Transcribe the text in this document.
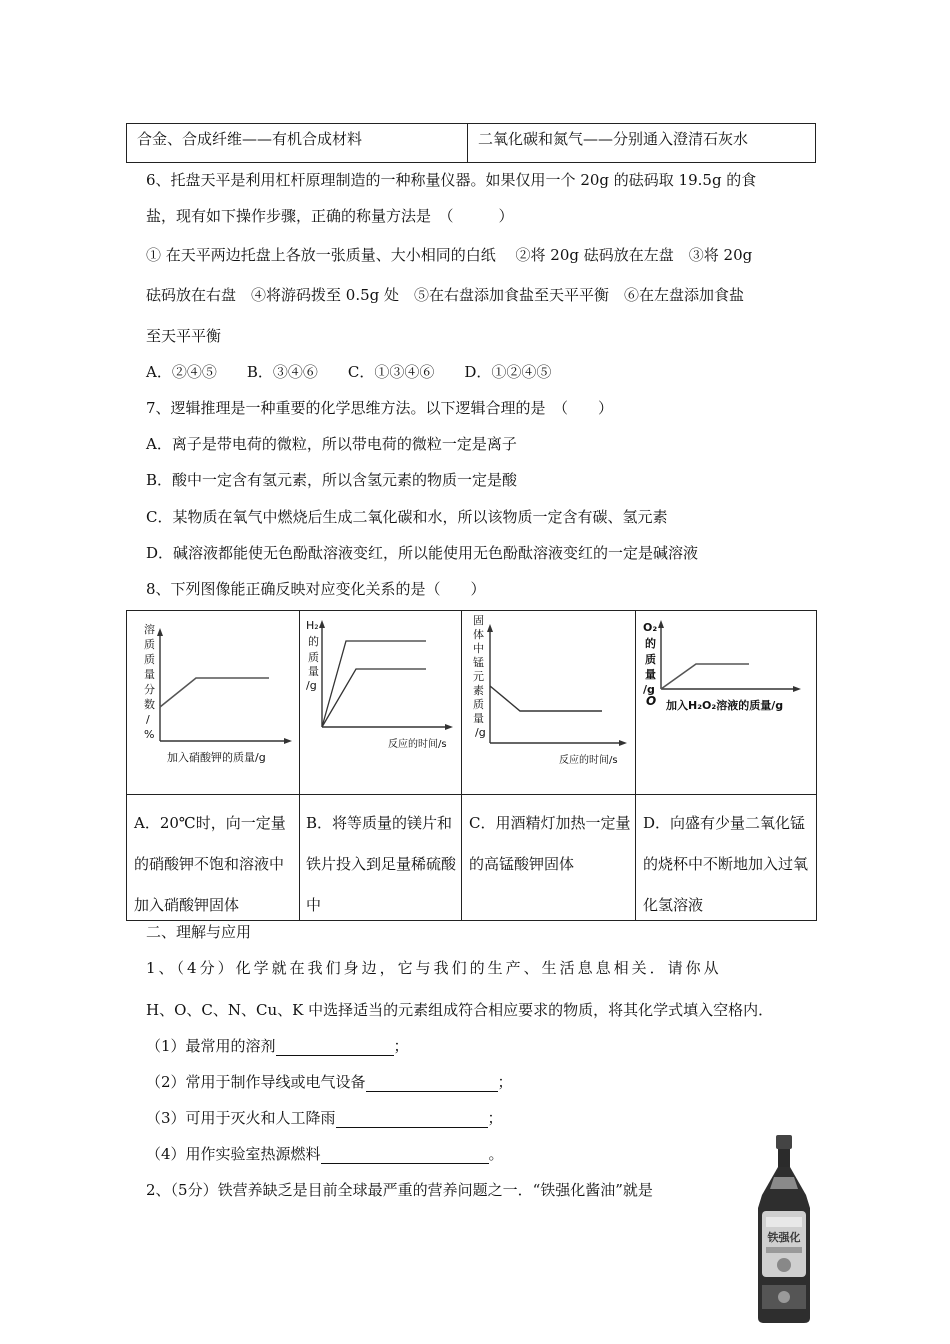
合金、合成纤维——有机合成材料	二氧化碳和氮气——分别通入澄清石灰水
6、托盘天平是利用杠杆原理制造的一种称量仪器。如果仅用一个 20g 的砝码取 19.5g 的食
盐，现有如下操作步骤，正确的称量方法是　（　　　）
① 在天平两边托盘上各放一张质量、大小相同的白纸　 ②将 20g 砝码放在左盘　③将 20g
砝码放在右盘　④将游码拨至 0.5g 处　⑤在右盘添加食盐至天平平衡　⑥在左盘添加食盐
至天平平衡
A．②④⑤　　B．③④⑥　　C．①③④⑥　　D．①②④⑤
7、逻辑推理是一种重要的化学思维方法。以下逻辑合理的是　（　　）
A．离子是带电荷的微粒，所以带电荷的微粒一定是离子
B．酸中一定含有氢元素，所以含氢元素的物质一定是酸
C．某物质在氧气中燃烧后生成二氧化碳和水，所以该物质一定含有碳、氢元素
D．碱溶液都能使无色酚酞溶液变红，所以能使用无色酚酞溶液变红的一定是碱溶液
8、下列图像能正确反映对应变化关系的是（　　）
溶
质
质
量
分
数
/
%
加入硝酸钾的质量/g
H₂
的
质
量
/g
反应的时间/s
固
体
中
锰
元
素
质
量
/g
反应的时间/s
O₂
的
质
量
/g
O 加入H₂O₂溶液的质量/g
A．20℃时，向一定量的硝酸钾不饱和溶液中加入硝酸钾固体
B．将等质量的镁片和铁片投入到足量稀硫酸中
C．用酒精灯加热一定量的高锰酸钾固体
D．向盛有少量二氧化锰的烧杯中不断地加入过氧化氢溶液
二、理解与应用
1、（4分）化学就在我们身边，它与我们的生产、生活息息相关．请你从
H、O、C、N、Cu、K 中选择适当的元素组成符合相应要求的物质，将其化学式填入空格内．
（1）最常用的溶剂	；
（2）常用于制作导线或电气设备	；
（3）可用于灭火和人工降雨	；
（4）用作实验室热源燃料	。
2、（5分）铁营养缺乏是目前全球最严重的营养问题之一．“铁强化酱油”就是
铁强化
